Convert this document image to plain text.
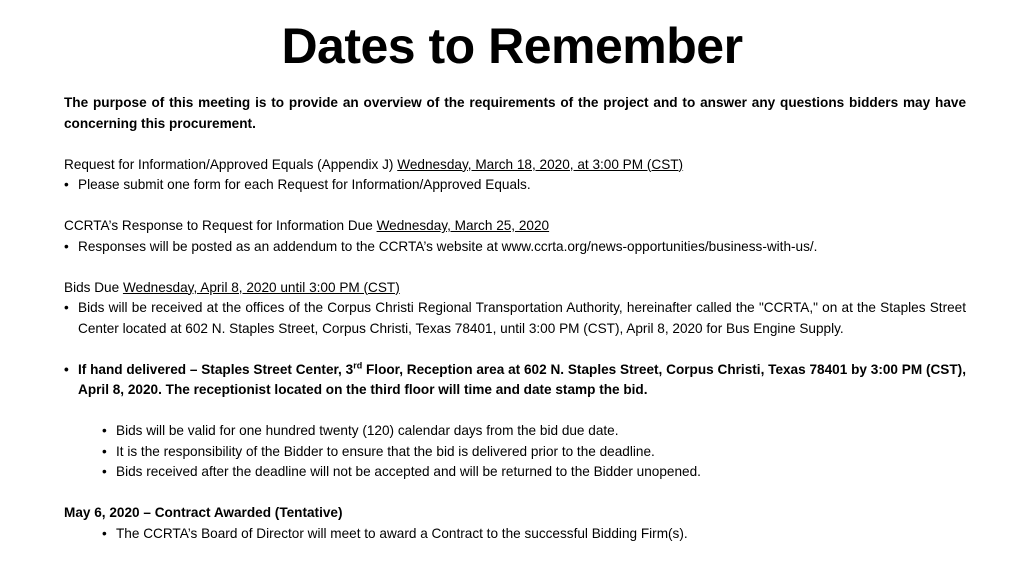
Dates to Remember

The purpose of this meeting is to provide an overview of the requirements of the project and to answer any questions bidders may have concerning this procurement.

Request for Information/Approved Equals (Appendix J) Wednesday, March 18, 2020, at 3:00 PM (CST)

• Please submit one form for each Request for Information/Approved Equals.

CCRTA’s Response to Request for Information Due Wednesday, March 25, 2020

• Responses will be posted as an addendum to the CCRTA’s website at www.ccrta.org/news-opportunities/business-with-us/.

Bids Due Wednesday, April 8, 2020 until 3:00 PM (CST)

• Bids will be received at the offices of the Corpus Christi Regional Transportation Authority, hereinafter called the "CCRTA," on at the Staples Street Center located at 602 N. Staples Street, Corpus Christi, Texas 78401, until 3:00 PM (CST), April 8, 2020 for Bus Engine Supply.
• If hand delivered – Staples Street Center, 3rd Floor, Reception area at 602 N. Staples Street, Corpus Christi, Texas 78401 by 3:00 PM (CST), April 8, 2020. The receptionist located on the third floor will time and date stamp the bid.
• Bids will be valid for one hundred twenty (120) calendar days from the bid due date.
• It is the responsibility of the Bidder to ensure that the bid is delivered prior to the deadline.
• Bids received after the deadline will not be accepted and will be returned to the Bidder unopened.

May 6, 2020 – Contract Awarded (Tentative)

• The CCRTA’s Board of Director will meet to award a Contract to the successful Bidding Firm(s).
